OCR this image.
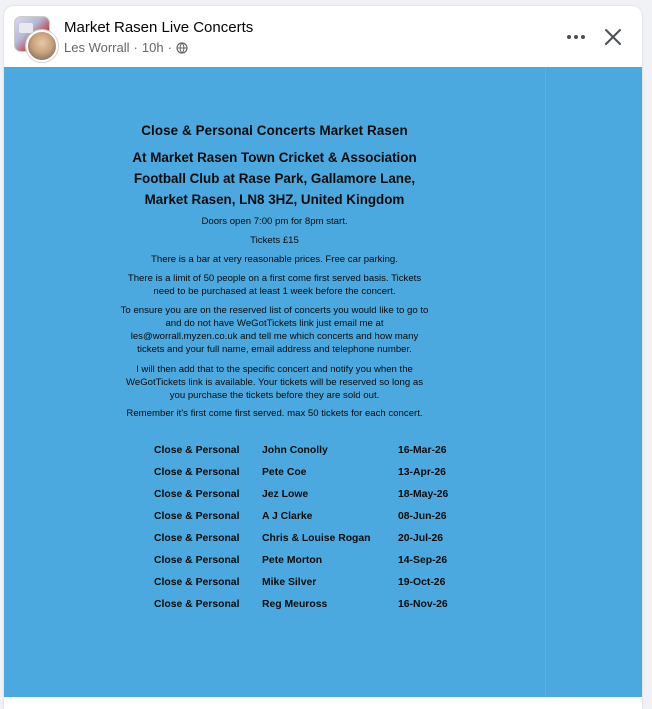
Market Rasen Live Concerts
Les Worrall · 10h ·
Close & Personal Concerts Market Rasen
At Market Rasen Town Cricket & Association
Football Club at Rase Park, Gallamore Lane,
Market Rasen, LN8 3HZ, United Kingdom
Doors open 7:00 pm for 8pm start.
Tickets £15
There is a bar at very reasonable prices. Free car parking.
There is a limit of 50 people on a first come first served basis. Tickets
need to be purchased at least 1 week before the concert.
To ensure you are on the reserved list of concerts you would like to go to
and do not have WeGotTickets link just email me at
les@worrall.myzen.co.uk and tell me which concerts and how many
tickets and your full name, email address and telephone number.
I will then add that to the specific concert and notify you when the
WeGotTickets link is available. Your tickets will be reserved so long as
you purchase the tickets before they are sold out.
Remember it's first come first served. max 50 tickets for each concert.
Close & Personal John Conolly	16-Mar-26
Close & Personal Pete Coe	13-Apr-26
Close & Personal Jez Lowe	18-May-26
Close & Personal A J Clarke	08-Jun-26
Close & Personal Chris & Louise Rogan	20-Jul-26
Close & Personal Pete Morton	14-Sep-26
Close & Personal Mike Silver	19-Oct-26
Close & Personal Reg Meuross	16-Nov-26
